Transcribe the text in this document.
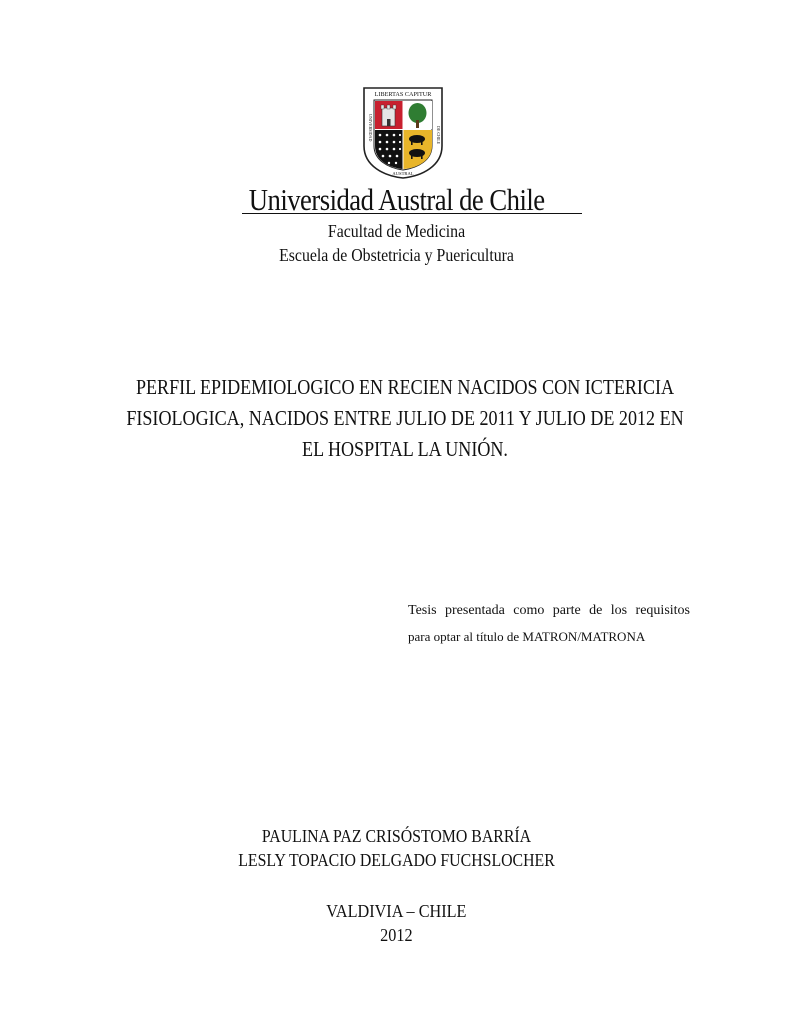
LIBERTAS CAPITUR
UNIVERSIDAD
AUSTRAL
DE CHILE
Universidad Austral de Chile
Facultad de Medicina
Escuela de Obstetricia y Puericultura
PERFIL EPIDEMIOLOGICO EN RECIEN NACIDOS CON ICTERICIA
FISIOLOGICA, NACIDOS ENTRE JULIO DE 2011 Y JULIO DE 2012 EN
EL HOSPITAL LA UNIÓN.
Tesis presentada como parte de los requisitos
para optar al título de MATRON/MATRONA
PAULINA PAZ CRISÓSTOMO BARRÍA
LESLY TOPACIO DELGADO FUCHSLOCHER
VALDIVIA – CHILE
2012
